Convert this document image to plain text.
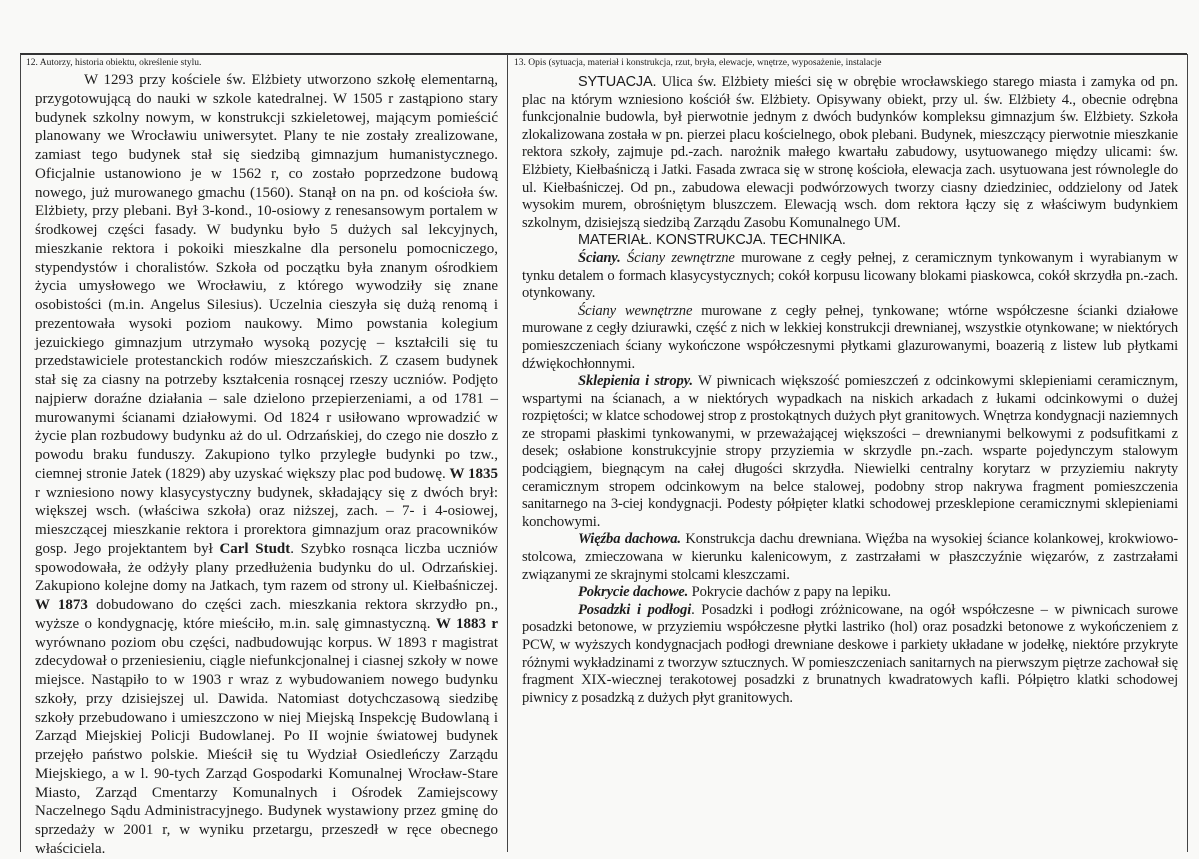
12. Autorzy, historia obiektu, określenie stylu.

W 1293 przy kościele św. Elżbiety utworzono szkołę elementarną, przygotowującą do nauki w szkole katedralnej. W 1505 r zastąpiono stary budynek szkolny nowym, w konstrukcji szkieletowej, mającym pomieścić planowany we Wrocławiu uniwersytet. Plany te nie zostały zrealizowane, zamiast tego budynek stał się siedzibą gimnazjum humanistycznego. Oficjalnie ustanowiono je w 1562 r, co zostało poprzedzone budową nowego, już murowanego gmachu (1560). Stanął on na pn. od kościoła św. Elżbiety, przy plebani. Był 3-kond., 10-osiowy z renesansowym portalem w środkowej części fasady. W budynku było 5 dużych sal lekcyjnych, mieszkanie rektora i pokoiki mieszkalne dla personelu pomocniczego, stypendystów i choralistów. Szkoła od początku była znanym ośrodkiem życia umysłowego we Wrocławiu, z którego wywodziły się znane osobistości (m.in. Angelus Silesius). Uczelnia cieszyła się dużą renomą i prezentowała wysoki poziom naukowy. Mimo powstania kolegium jezuickiego gimnazjum utrzymało wysoką pozycję – kształcili się tu przedstawiciele protestanckich rodów mieszczańskich. Z czasem budynek stał się za ciasny na potrzeby kształcenia rosnącej rzeszy uczniów. Podjęto najpierw doraźne działania – sale dzielono przepierzeniami, a od 1781 – murowanymi ścianami działowymi. Od 1824 r usiłowano wprowadzić w życie plan rozbudowy budynku aż do ul. Odrzańskiej, do czego nie doszło z powodu braku funduszy. Zakupiono tylko przyległe budynki po tzw., ciemnej stronie Jatek (1829) aby uzyskać większy plac pod budowę. W 1835 r wzniesiono nowy klasycystyczny budynek, składający się z dwóch brył: większej wsch. (właściwa szkoła) oraz niższej, zach. – 7- i 4-osiowej, mieszczącej mieszkanie rektora i prorektora gimnazjum oraz pracowników gosp. Jego projektantem był Carl Studt. Szybko rosnąca liczba uczniów spowodowała, że odżyły plany przedłużenia budynku do ul. Odrzańskiej. Zakupiono kolejne domy na Jatkach, tym razem od strony ul. Kiełbaśniczej. W 1873 dobudowano do części zach. mieszkania rektora skrzydło pn., wyższe o kondygnację, które mieściło, m.in. salę gimnastyczną. W 1883 r wyrównano poziom obu części, nadbudowując korpus. W 1893 r magistrat zdecydował o przeniesieniu, ciągle niefunkcjonalnej i ciasnej szkoły w nowe miejsce. Nastąpiło to w 1903 r wraz z wybudowaniem nowego budynku szkoły, przy dzisiejszej ul. Dawida. Natomiast dotychczasową siedzibę szkoły przebudowano i umieszczono w niej Miejską Inspekcję Budowlaną i Zarząd Miejskiej Policji Budowlanej. Po II wojnie światowej budynek przejęło państwo polskie. Mieścił się tu Wydział Osiedleńczy Zarządu Miejskiego, a w l. 90-tych Zarząd Gospodarki Komunalnej Wrocław-Stare Miasto, Zarząd Cmentarzy Komunalnych i Ośrodek Zamiejscowy Naczelnego Sądu Administracyjnego. Budynek wystawiony przez gminę do sprzedaży w 2001 r, w wyniku przetargu, przeszedł w ręce obecnego właściciela.

13. Opis (sytuacja, materiał i konstrukcja, rzut, bryła, elewacje, wnętrze, wyposażenie, instalacje

SYTUACJA. Ulica św. Elżbiety mieści się w obrębie wrocławskiego starego miasta i zamyka od pn. plac na którym wzniesiono kościół św. Elżbiety. Opisywany obiekt, przy ul. św. Elżbiety 4., obecnie odrębna funkcjonalnie budowla, był pierwotnie jednym z dwóch budynków kompleksu gimnazjum św. Elżbiety. Szkoła zlokalizowana została w pn. pierzei placu kościelnego, obok plebani. Budynek, mieszczący pierwotnie mieszkanie rektora szkoły, zajmuje pd.-zach. narożnik małego kwartału zabudowy, usytuowanego między ulicami: św. Elżbiety, Kiełbaśniczą i Jatki. Fasada zwraca się w stronę kościoła, elewacja zach. usytuowana jest równolegle do ul. Kiełbaśniczej. Od pn., zabudowa elewacji podwórzowych tworzy ciasny dziedziniec, oddzielony od Jatek wysokim murem, obrośniętym bluszczem. Elewacją wsch. dom rektora łączy się z właściwym budynkiem szkolnym, dzisiejszą siedzibą Zarządu Zasobu Komunalnego UM.

MATERIAŁ. KONSTRUKCJA. TECHNIKA.

Ściany. Ściany zewnętrzne murowane z cegły pełnej, z ceramicznym tynkowanym i wyrabianym w tynku detalem o formach klasycystycznych; cokół korpusu licowany blokami piaskowca, cokół skrzydła pn.-zach. otynkowany.

Ściany wewnętrzne murowane z cegły pełnej, tynkowane; wtórne współczesne ścianki działowe murowane z cegły dziurawki, część z nich w lekkiej konstrukcji drewnianej, wszystkie otynkowane; w niektórych pomieszczeniach ściany wykończone współczesnymi płytkami glazurowanymi, boazerią z listew lub płytkami dźwiękochłonnymi.

Sklepienia i stropy. W piwnicach większość pomieszczeń z odcinkowymi sklepieniami ceramicznym, wspartymi na ścianach, a w niektórych wypadkach na niskich arkadach z łukami odcinkowymi o dużej rozpiętości; w klatce schodowej strop z prostokątnych dużych płyt granitowych. Wnętrza kondygnacji naziemnych ze stropami płaskimi tynkowanymi, w przeważającej większości – drewnianymi belkowymi z podsufitkami z desek; osłabione konstrukcyjnie stropy przyziemia w skrzydle pn.-zach. wsparte pojedynczym stalowym podciągiem, biegnącym na całej długości skrzydła. Niewielki centralny korytarz w przyziemiu nakryty ceramicznym stropem odcinkowym na belce stalowej, podobny strop nakrywa fragment pomieszczenia sanitarnego na 3-ciej kondygnacji. Podesty półpięter klatki schodowej przesklepione ceramicznymi sklepieniami konchowymi.

Więźba dachowa. Konstrukcja dachu drewniana. Więźba na wysokiej ściance kolankowej, krokwiowo-stolcowa, zmieczowana w kierunku kalenicowym, z zastrzałami w płaszczyźnie więzarów, z zastrzałami związanymi ze skrajnymi stolcami kleszczami.

Pokrycie dachowe. Pokrycie dachów z papy na lepiku.

Posadzki i podłogi. Posadzki i podłogi zróżnicowane, na ogół współczesne – w piwnicach surowe posadzki betonowe, w przyziemiu współczesne płytki lastriko (hol) oraz posadzki betonowe z wykończeniem z PCW, w wyższych kondygnacjach podłogi drewniane deskowe i parkiety układane w jodełkę, niektóre przykryte różnymi wykładzinami z tworzyw sztucznych. W pomieszczeniach sanitarnych na pierwszym piętrze zachował się fragment XIX-wiecznej terakotowej posadzki z brunatnych kwadratowych kafli. Półpiętro klatki schodowej piwnicy z posadzką z dużych płyt granitowych.
